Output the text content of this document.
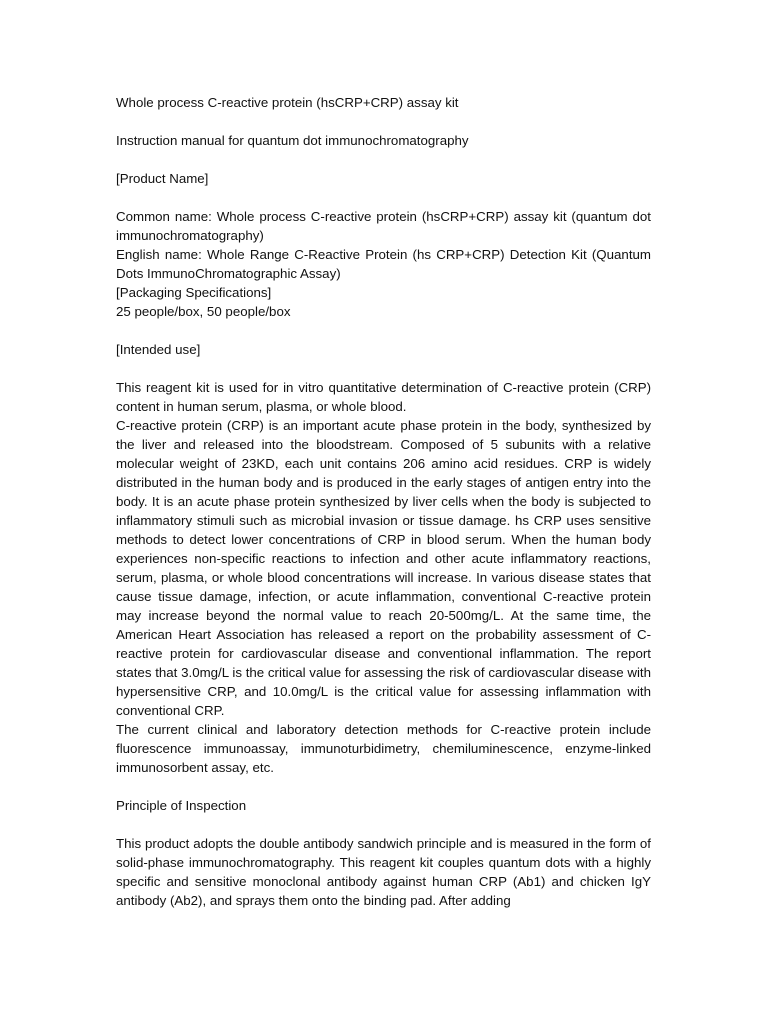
Whole process C-reactive protein (hsCRP+CRP) assay kit

Instruction manual for quantum dot immunochromatography

[Product Name]

Common name: Whole process C-reactive protein (hsCRP+CRP) assay kit (quantum dot immunochromatography)

English name: Whole Range C-Reactive Protein (hs CRP+CRP) Detection Kit (Quantum Dots ImmunoChromatographic Assay)

[Packaging Specifications]

25 people/box, 50 people/box

[Intended use]

This reagent kit is used for in vitro quantitative determination of C-reactive protein (CRP) content in human serum, plasma, or whole blood.

C-reactive protein (CRP) is an important acute phase protein in the body, synthesized by the liver and released into the bloodstream. Composed of 5 subunits with a relative molecular weight of 23KD, each unit contains 206 amino acid residues. CRP is widely distributed in the human body and is produced in the early stages of antigen entry into the body. It is an acute phase protein synthesized by liver cells when the body is subjected to inflammatory stimuli such as microbial invasion or tissue damage. hs CRP uses sensitive methods to detect lower concentrations of CRP in blood serum. When the human body experiences non-specific reactions to infection and other acute inflammatory reactions, serum, plasma, or whole blood concentrations will increase. In various disease states that cause tissue damage, infection, or acute inflammation, conventional C-reactive protein may increase beyond the normal value to reach 20-500mg/L. At the same time, the American Heart Association has released a report on the probability assessment of C-reactive protein for cardiovascular disease and conventional inflammation. The report states that 3.0mg/L is the critical value for assessing the risk of cardiovascular disease with hypersensitive CRP, and 10.0mg/L is the critical value for assessing inflammation with conventional CRP.

The current clinical and laboratory detection methods for C-reactive protein include fluorescence immunoassay, immunoturbidimetry, chemiluminescence, enzyme-linked immunosorbent assay, etc.

Principle of Inspection

This product adopts the double antibody sandwich principle and is measured in the form of solid-phase immunochromatography. This reagent kit couples quantum dots with a highly specific and sensitive monoclonal antibody against human CRP (Ab1) and chicken IgY antibody (Ab2), and sprays them onto the binding pad. After adding
